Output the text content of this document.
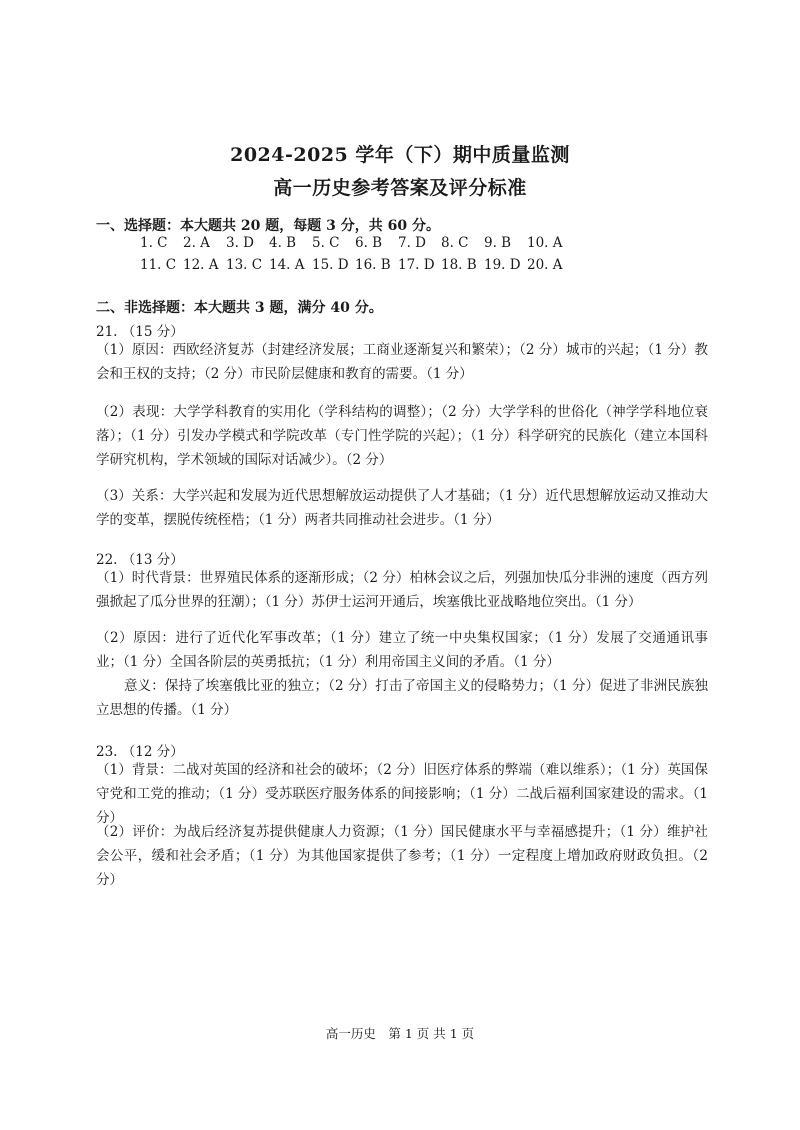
2024-2025 学年（下）期中质量监测
高一历史参考答案及评分标准
一、选择题：本大题共 20 题，每题 3 分，共 60 分。
1. C	2. A	3. D	4. B	5. C	6. B	7. D	8. C	9. B	10. A
11. C 12. A 13. C 14. A 15. D 16. B 17. D 18. B 19. D 20. A
二、非选择题：本大题共 3 题，满分 40 分。
21. （15 分）

（1）原因：西欧经济复苏（封建经济发展；工商业逐渐复兴和繁荣）；（2 分）城市的兴起；（1 分）教会和王权的支持；（2 分）市民阶层健康和教育的需要。（1 分）

（2）表现：大学学科教育的实用化（学科结构的调整）；（2 分）大学学科的世俗化（神学学科地位衰落）；（1 分）引发办学模式和学院改革（专门性学院的兴起）；（1 分）科学研究的民族化（建立本国科学研究机构，学术领域的国际对话减少）。（2 分）

（3）关系：大学兴起和发展为近代思想解放运动提供了人才基础；（1 分）近代思想解放运动又推动大学的变革，摆脱传统桎梏；（1 分）两者共同推动社会进步。（1 分）

22. （13 分）

（1）时代背景：世界殖民体系的逐渐形成；（2 分）柏林会议之后，列强加快瓜分非洲的速度（西方列强掀起了瓜分世界的狂潮）；（1 分）苏伊士运河开通后，埃塞俄比亚战略地位突出。（1 分）

（2）原因：进行了近代化军事改革；（1 分）建立了统一中央集权国家；（1 分）发展了交通通讯事业；（1 分）全国各阶层的英勇抵抗；（1 分）利用帝国主义间的矛盾。（1 分）

意义：保持了埃塞俄比亚的独立；（2 分）打击了帝国主义的侵略势力；（1 分）促进了非洲民族独立思想的传播。（1 分）

23. （12 分）

（1）背景：二战对英国的经济和社会的破坏；（2 分）旧医疗体系的弊端（难以维系）；（1 分）英国保守党和工党的推动；（1 分）受苏联医疗服务体系的间接影响；（1 分）二战后福利国家建设的需求。（1 分）

（2）评价：为战后经济复苏提供健康人力资源；（1 分）国民健康水平与幸福感提升；（1 分）维护社会公平，缓和社会矛盾；（1 分）为其他国家提供了参考；（1 分）一定程度上增加政府财政负担。（2 分）

高一历史　第 1 页 共 1 页
